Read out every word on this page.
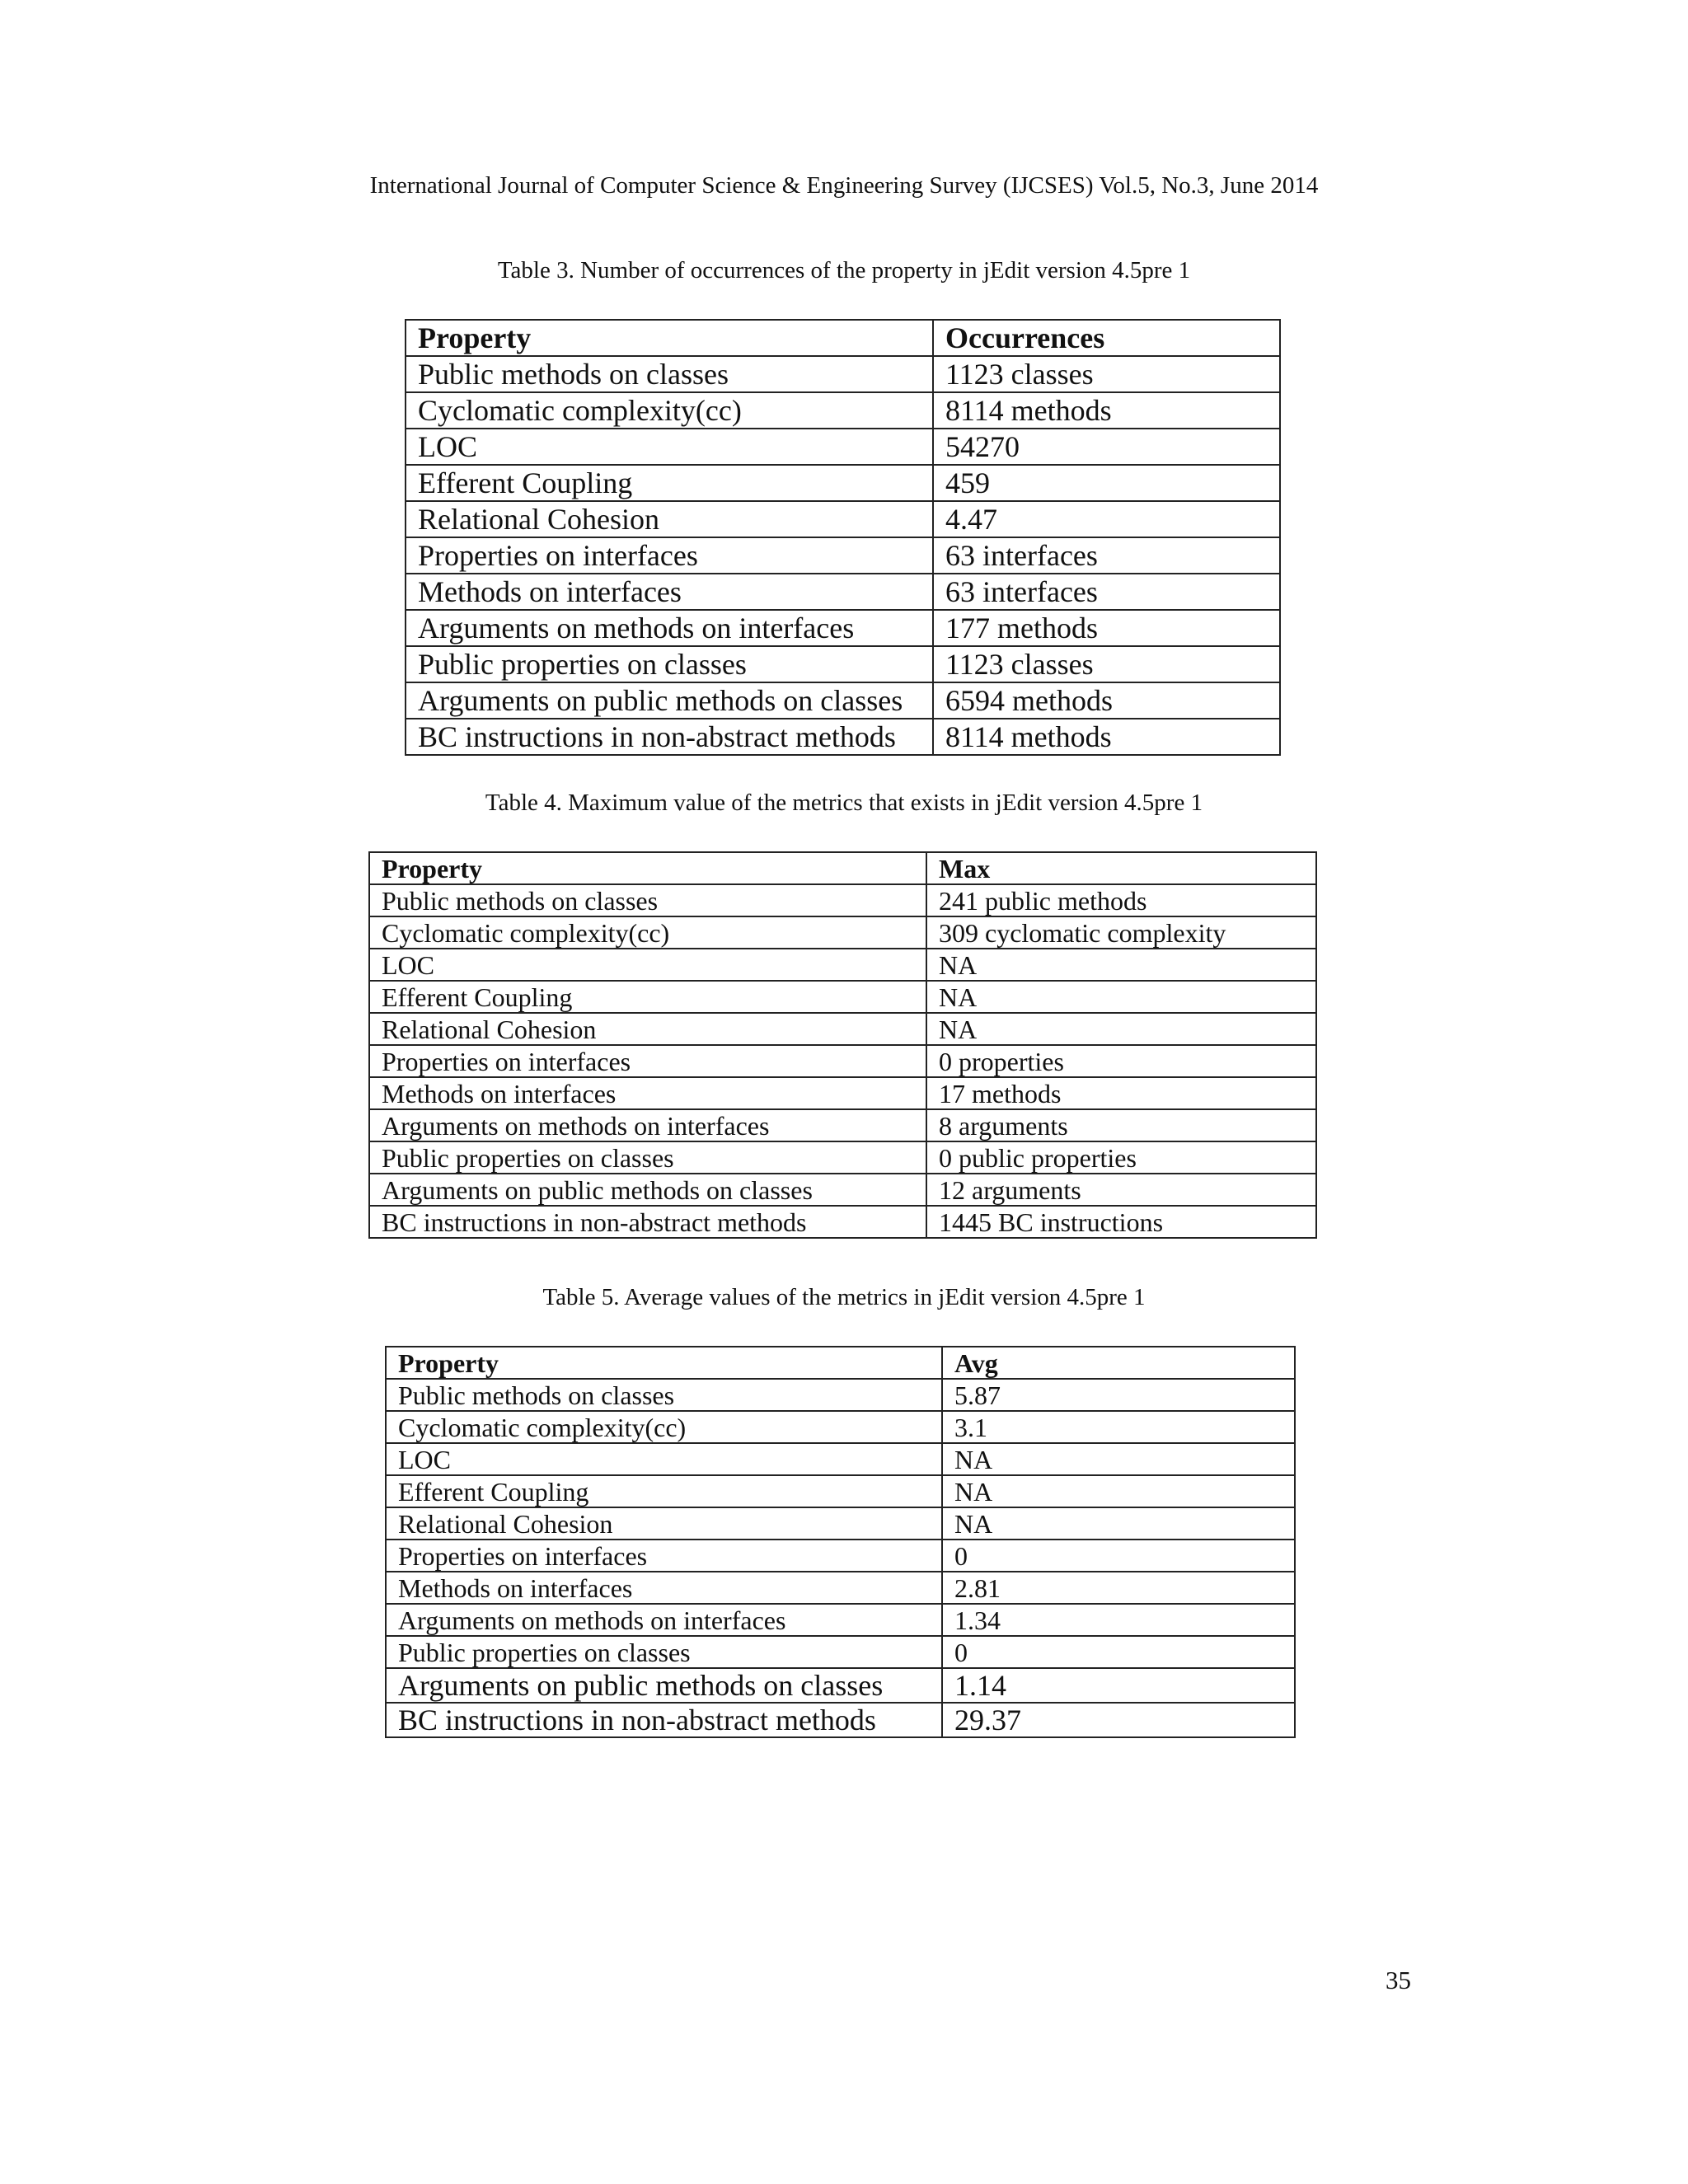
International Journal of Computer Science & Engineering Survey (IJCSES) Vol.5, No.3, June 2014
Table 3. Number of occurrences of the property in jEdit version 4.5pre 1
Property	Occurrences
Public methods on classes	1123 classes
Cyclomatic complexity(cc)	8114 methods
LOC	54270
Efferent Coupling	459
Relational Cohesion	4.47
Properties on interfaces	63 interfaces
Methods on interfaces	63 interfaces
Arguments on methods on interfaces	177 methods
Public properties on classes	1123 classes
Arguments on public methods on classes	6594 methods
BC instructions in non-abstract methods	8114 methods
Table 4. Maximum value of the metrics that exists in jEdit version 4.5pre 1
Property	Max
Public methods on classes	241 public methods
Cyclomatic complexity(cc)	309 cyclomatic complexity
LOC	NA
Efferent Coupling	NA
Relational Cohesion	NA
Properties on interfaces	0 properties
Methods on interfaces	17 methods
Arguments on methods on interfaces	8 arguments
Public properties on classes	0 public properties
Arguments on public methods on classes	12 arguments
BC instructions in non-abstract methods	1445 BC instructions
Table 5. Average values of the metrics in jEdit version 4.5pre 1
Property	Avg
Public methods on classes	5.87
Cyclomatic complexity(cc)	3.1
LOC	NA
Efferent Coupling	NA
Relational Cohesion	NA
Properties on interfaces	0
Methods on interfaces	2.81
Arguments on methods on interfaces	1.34
Public properties on classes	0
Arguments on public methods on classes	1.14
BC instructions in non-abstract methods	29.37
35
